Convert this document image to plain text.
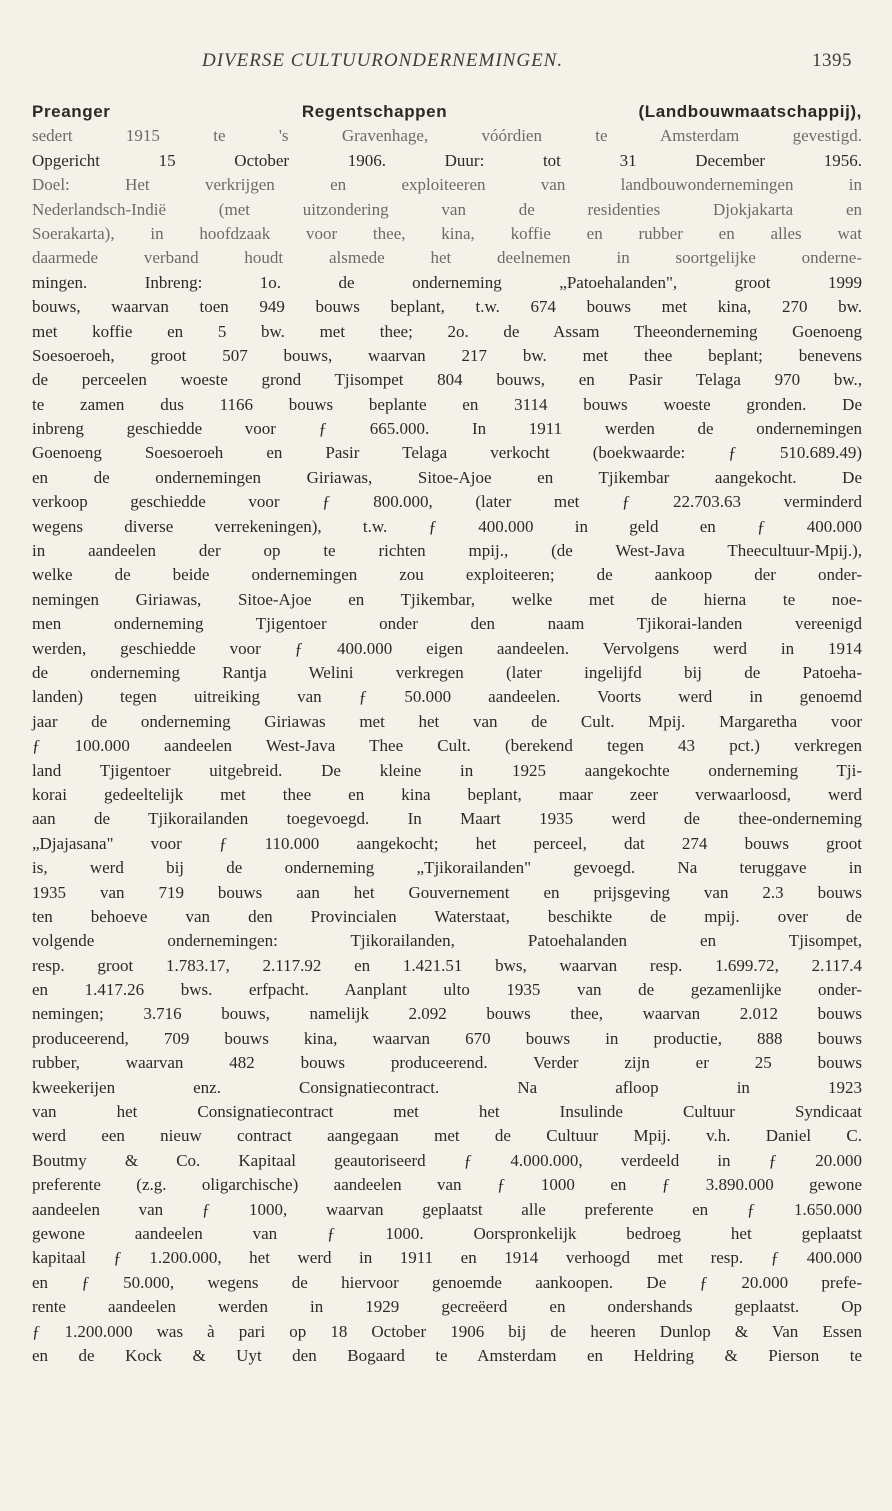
DIVERSE CULTUURONDERNEMINGEN.	1395
Preanger Regentschappen (Landbouwmaatschappij),
sedert 1915 te 's Gravenhage, vóórdien te Amsterdam gevestigd.
Opgericht 15 October 1906. Duur: tot 31 December 1956.
Doel: Het verkrijgen en exploiteeren van landbouwondernemingen in
Nederlandsch-Indië (met uitzondering van de residenties Djokjakarta en
Soerakarta), in hoofdzaak voor thee, kina, koffie en rubber en alles wat
daarmede verband houdt alsmede het deelnemen in soortgelijke onderne-
mingen. Inbreng: 1o. de onderneming „Patoehalanden", groot 1999
bouws, waarvan toen 949 bouws beplant, t.w. 674 bouws met kina, 270 bw.
met koffie en 5 bw. met thee; 2o. de Assam Theeonderneming Goenoeng
Soesoeroeh, groot 507 bouws, waarvan 217 bw. met thee beplant; benevens
de perceelen woeste grond Tjisompet 804 bouws, en Pasir Telaga 970 bw.,
te zamen dus 1166 bouws beplante en 3114 bouws woeste gronden. De
inbreng geschiedde voor ƒ 665.000. In 1911 werden de ondernemingen
Goenoeng Soesoeroeh en Pasir Telaga verkocht (boekwaarde: ƒ 510.689.49)
en de ondernemingen Giriawas, Sitoe-Ajoe en Tjikembar aangekocht. De
verkoop geschiedde voor ƒ 800.000, (later met ƒ 22.703.63 verminderd
wegens diverse verrekeningen), t.w. ƒ 400.000 in geld en ƒ 400.000
in aandeelen der op te richten mpij., (de West-Java Theecultuur-Mpij.),
welke de beide ondernemingen zou exploiteeren; de aankoop der onder-
nemingen Giriawas, Sitoe-Ajoe en Tjikembar, welke met de hierna te noe-
men onderneming Tjigentoer onder den naam Tjikorai-landen vereenigd
werden, geschiedde voor ƒ 400.000 eigen aandeelen. Vervolgens werd in 1914
de onderneming Rantja Welini verkregen (later ingelijfd bij de Patoeha-
landen) tegen uitreiking van ƒ 50.000 aandeelen. Voorts werd in genoemd
jaar de onderneming Giriawas met het van de Cult. Mpij. Margaretha voor
ƒ 100.000 aandeelen West-Java Thee Cult. (berekend tegen 43 pct.) verkregen
land Tjigentoer uitgebreid. De kleine in 1925 aangekochte onderneming Tji-
korai gedeeltelijk met thee en kina beplant, maar zeer verwaarloosd, werd
aan de Tjikorailanden toegevoegd. In Maart 1935 werd de thee-onderneming
„Djajasana" voor ƒ 110.000 aangekocht; het perceel, dat 274 bouws groot
is, werd bij de onderneming „Tjikorailanden" gevoegd. Na teruggave in
1935 van 719 bouws aan het Gouvernement en prijsgeving van 2.3 bouws
ten behoeve van den Provincialen Waterstaat, beschikte de mpij. over de
volgende ondernemingen: Tjikorailanden, Patoehalanden en Tjisompet,
resp. groot 1.783.17, 2.117.92 en 1.421.51 bws, waarvan resp. 1.699.72, 2.117.4
en 1.417.26 bws. erfpacht. Aanplant ulto 1935 van de gezamenlijke onder-
nemingen; 3.716 bouws, namelijk 2.092 bouws thee, waarvan 2.012 bouws
produceerend, 709 bouws kina, waarvan 670 bouws in productie, 888 bouws
rubber, waarvan 482 bouws produceerend. Verder zijn er 25 bouws
kweekerijen enz. Consignatiecontract. Na afloop in 1923
van het Consignatiecontract met het Insulinde Cultuur Syndicaat
werd een nieuw contract aangegaan met de Cultuur Mpij. v.h. Daniel C.
Boutmy & Co. Kapitaal geautoriseerd ƒ 4.000.000, verdeeld in ƒ 20.000
preferente (z.g. oligarchische) aandeelen van ƒ 1000 en ƒ 3.890.000 gewone
aandeelen van ƒ 1000, waarvan geplaatst alle preferente en ƒ 1.650.000
gewone aandeelen van ƒ 1000. Oorspronkelijk bedroeg het geplaatst
kapitaal ƒ 1.200.000, het werd in 1911 en 1914 verhoogd met resp. ƒ 400.000
en ƒ 50.000, wegens de hiervoor genoemde aankoopen. De ƒ 20.000 prefe-
rente aandeelen werden in 1929 gecreëerd en ondershands geplaatst. Op
ƒ 1.200.000 was à pari op 18 October 1906 bij de heeren Dunlop & Van Essen
en de Kock & Uyt den Bogaard te Amsterdam en Heldring & Pierson te
